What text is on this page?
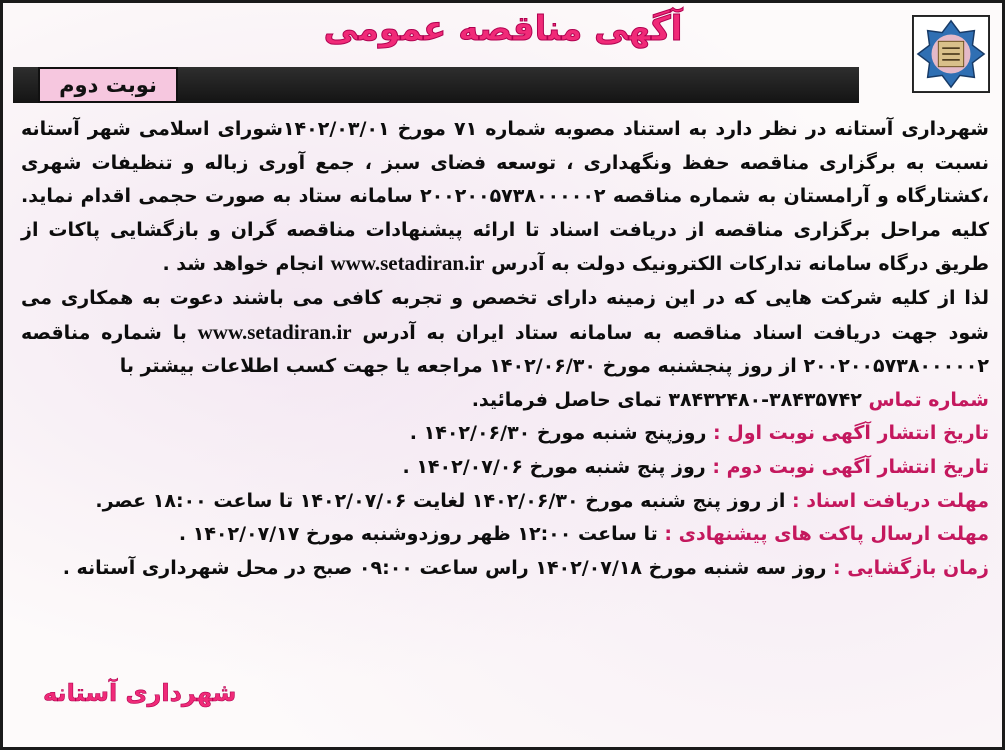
آگهی مناقصه عمومی
نوبت دوم

شهرداری آستانه در نظر دارد به استناد مصوبه شماره ۷۱ مورخ ۱۴۰۲/۰۳/۰۱شورای اسلامی شهر آستانه نسبت به برگزاری مناقصه حفظ ونگهداری ، توسعه فضای سبز ، جمع آوری زباله و تنظیفات شهری ،کشتارگاه و آرامستان به شماره مناقصه ۲۰۰۲۰۰۵۷۳۸۰۰۰۰۰۲ سامانه ستاد به صورت حجمی اقدام نماید. کلیه مراحل برگزاری مناقصه از دریافت اسناد تا ارائه پیشنهادات مناقصه گران و بازگشایی پاکات از طریق درگاه سامانه تدارکات الکترونیک دولت به آدرس www.setadiran.ir انجام خواهد شد .

لذا از کلیه شرکت هایی که در این زمینه دارای تخصص و تجربه کافی می باشند دعوت به همکاری می شود جهت دریافت اسناد مناقصه به سامانه ستاد ایران به آدرس www.setadiran.ir با شماره مناقصه ۲۰۰۲۰۰۵۷۳۸۰۰۰۰۰۲ از روز پنجشنبه مورخ ۱۴۰۲/۰۶/۳۰ مراجعه یا جهت کسب اطلاعات بیشتر با

شماره تماس ۳۸۴۳۵۷۴۲-۳۸۴۳۲۴۸۰ تمای حاصل فرمائید.

تاریخ انتشار آگهی نوبت اول : روزپنج شنبه مورخ ۱۴۰۲/۰۶/۳۰ .

تاریخ انتشار آگهی نوبت دوم : روز پنج شنبه مورخ ۱۴۰۲/۰۷/۰۶ .

مهلت دریافت اسناد : از روز پنج شنبه مورخ ۱۴۰۲/۰۶/۳۰ لغایت ۱۴۰۲/۰۷/۰۶ تا ساعت ۱۸:۰۰ عصر.

مهلت ارسال پاکت های پیشنهادی : تا ساعت ۱۲:۰۰ ظهر روزدوشنبه مورخ ۱۴۰۲/۰۷/۱۷ .

زمان بازگشایی : روز سه شنبه مورخ ۱۴۰۲/۰۷/۱۸ راس ساعت ۰۹:۰۰ صبح در محل شهرداری آستانه .

شهرداری آستانه
